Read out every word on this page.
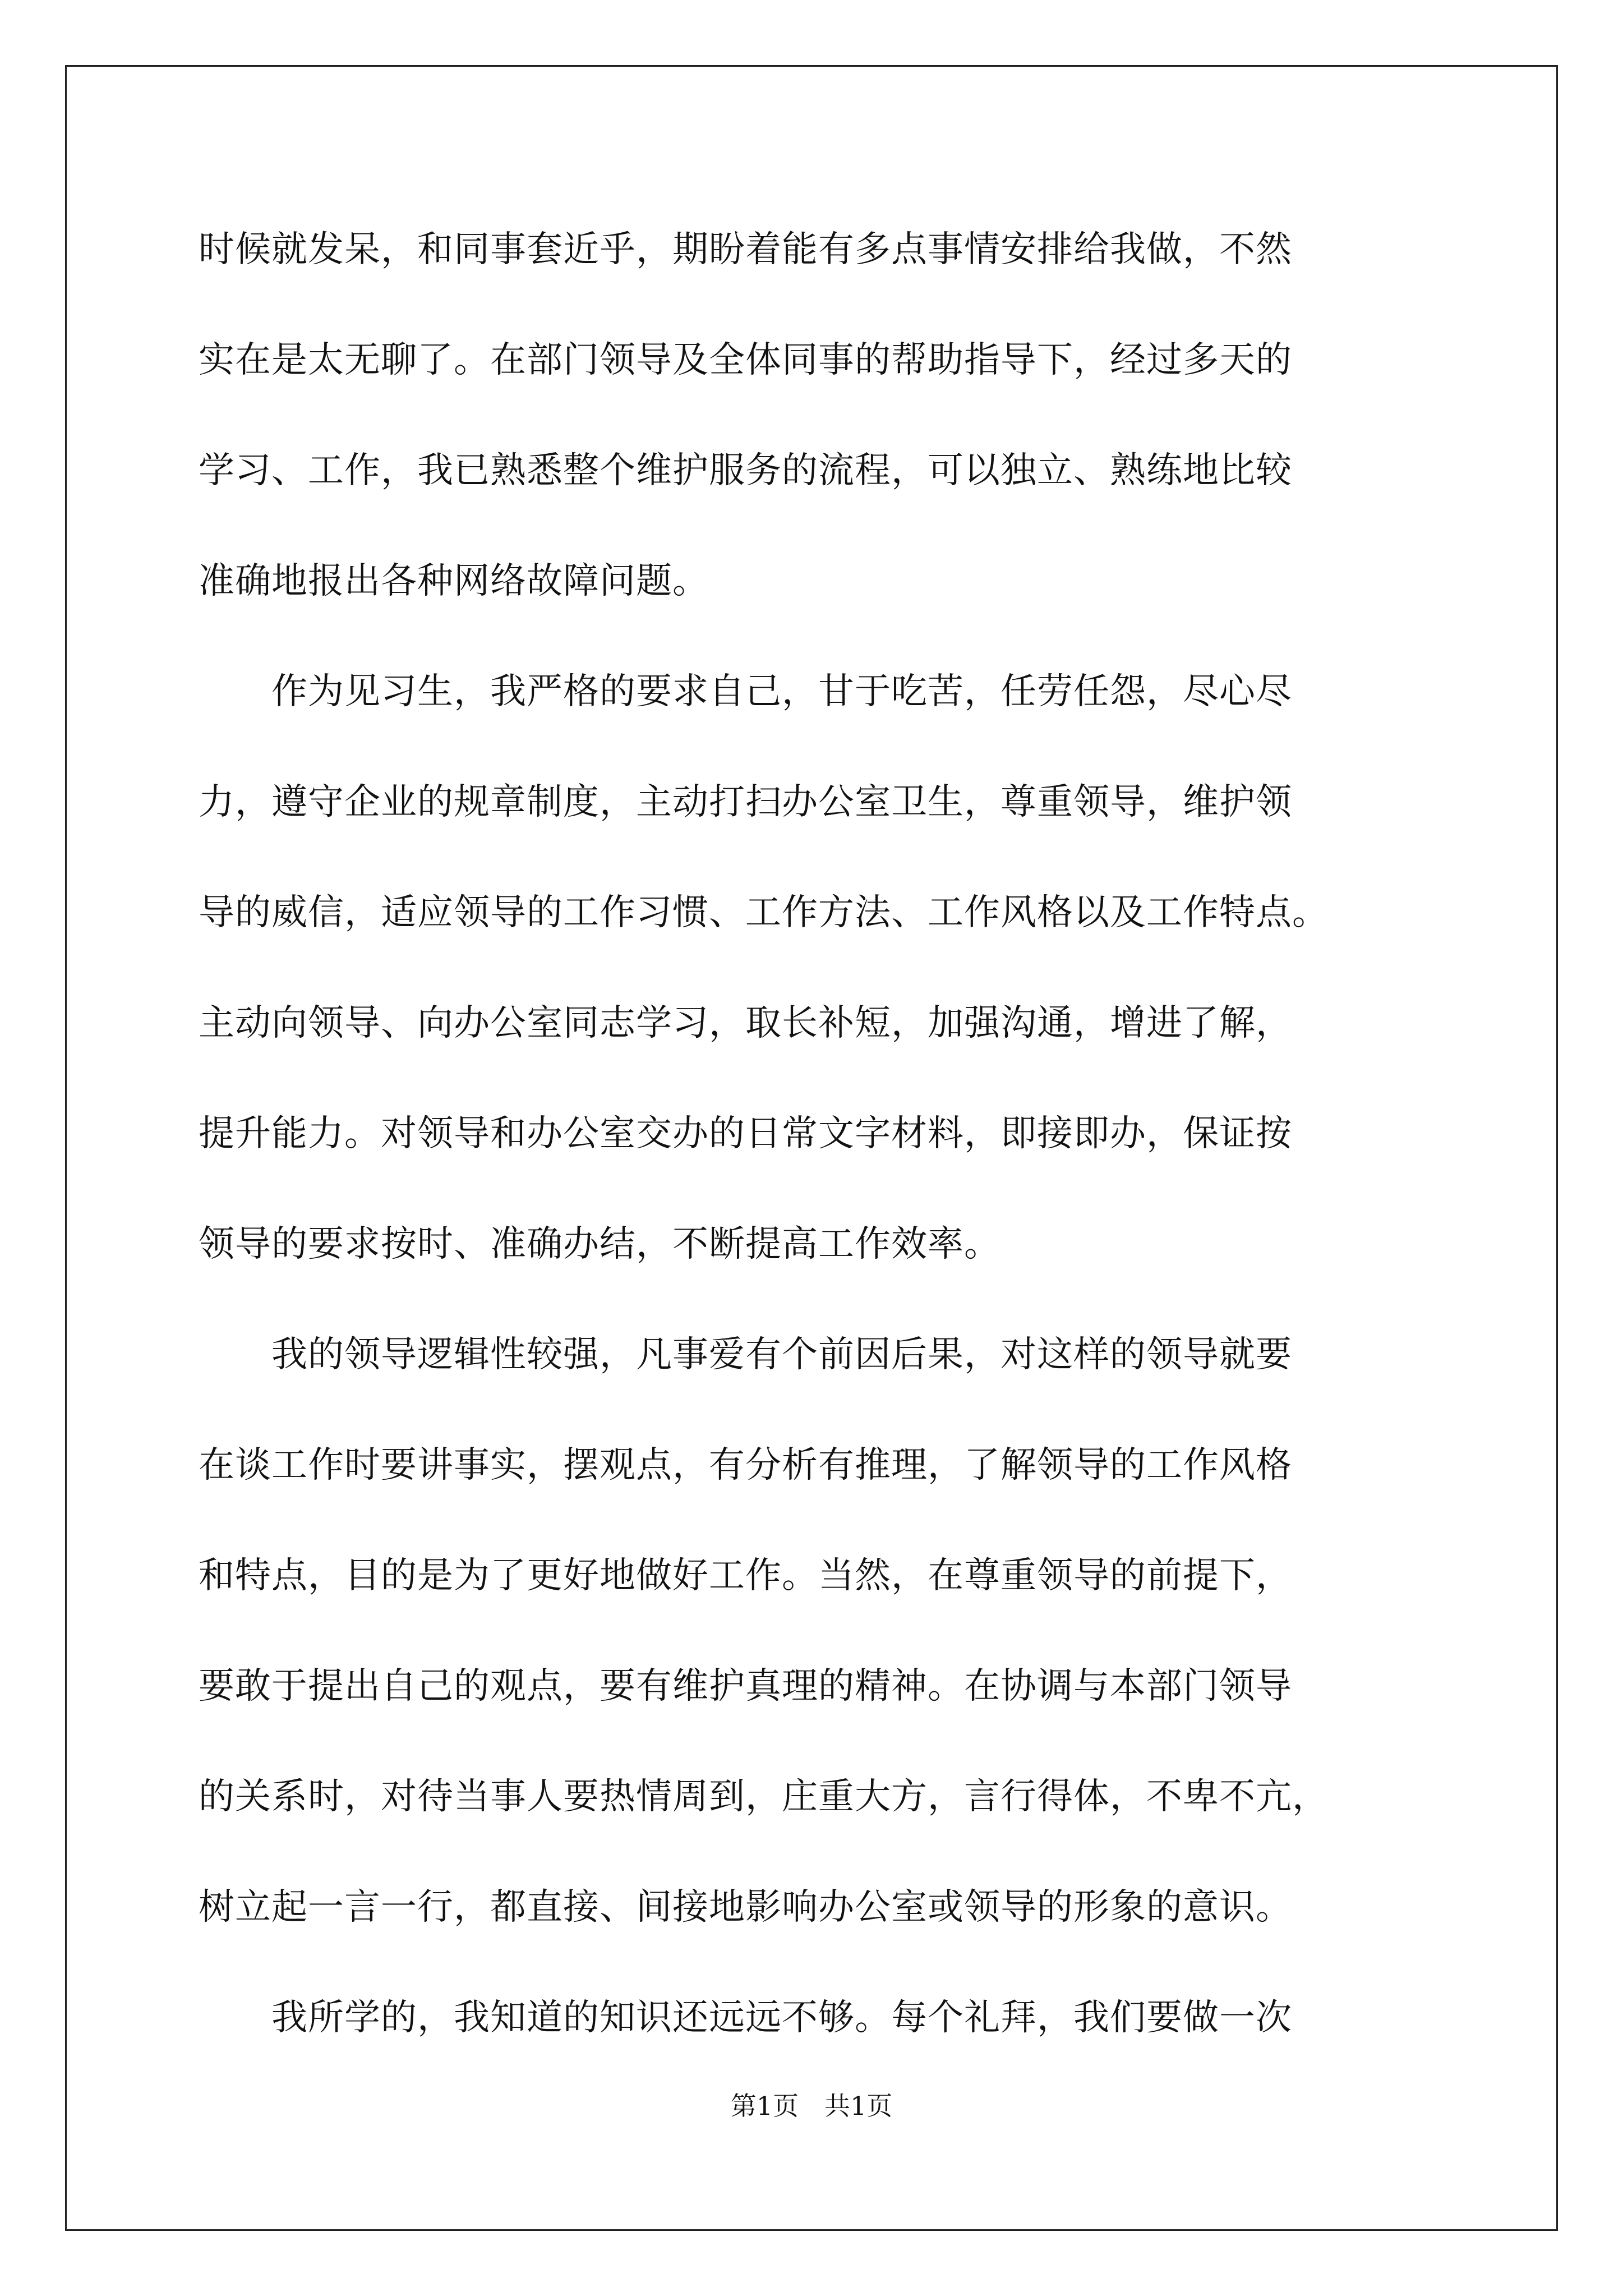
时候就发呆，和同事套近乎，期盼着能有多点事情安排给我做，不然
实在是太无聊了。在部门领导及全体同事的帮助指导下，经过多天的
学习、工作，我已熟悉整个维护服务的流程，可以独立、熟练地比较
准确地报出各种网络故障问题。
　　作为见习生，我严格的要求自己，甘于吃苦，任劳任怨，尽心尽
力，遵守企业的规章制度，主动打扫办公室卫生，尊重领导，维护领
导的威信，适应领导的工作习惯、工作方法、工作风格以及工作特点。
主动向领导、向办公室同志学习，取长补短，加强沟通，增进了解，
提升能力。对领导和办公室交办的日常文字材料，即接即办，保证按
领导的要求按时、准确办结，不断提高工作效率。
　　我的领导逻辑性较强，凡事爱有个前因后果，对这样的领导就要
在谈工作时要讲事实，摆观点，有分析有推理，了解领导的工作风格
和特点，目的是为了更好地做好工作。当然，在尊重领导的前提下，
要敢于提出自己的观点，要有维护真理的精神。在协调与本部门领导
的关系时，对待当事人要热情周到，庄重大方，言行得体，不卑不亢，
树立起一言一行，都直接、间接地影响办公室或领导的形象的意识。
　　我所学的，我知道的知识还远远不够。每个礼拜，我们要做一次
第1页　共1页
